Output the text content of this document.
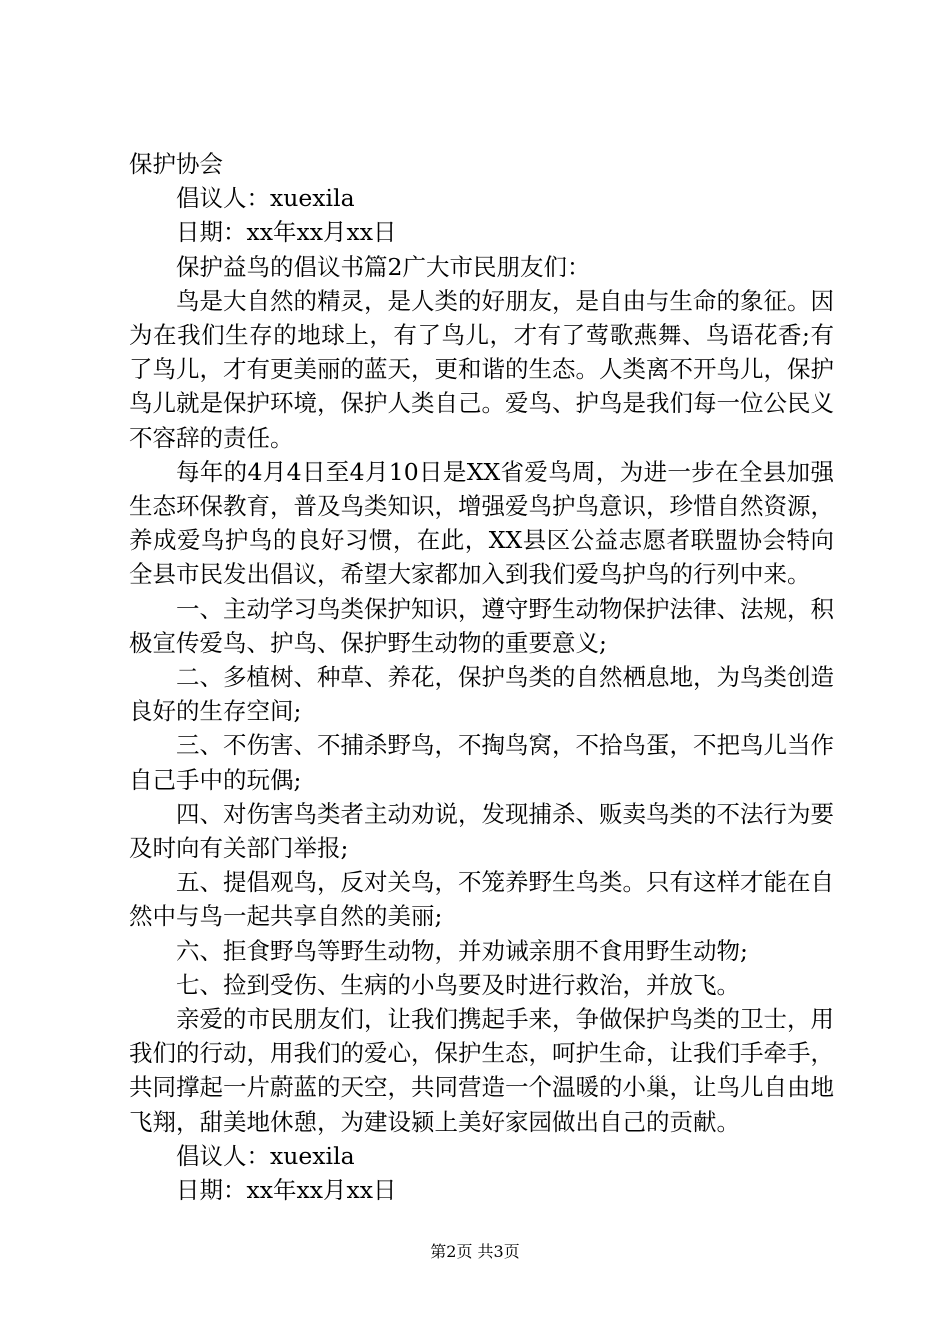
保护协会

倡议人：xuexila

日期：xx年xx月xx日

保护益鸟的倡议书篇2广大市民朋友们：

鸟是大自然的精灵，是人类的好朋友，是自由与生命的象征。因为在我们生存的地球上，有了鸟儿，才有了莺歌燕舞、鸟语花香;有了鸟儿，才有更美丽的蓝天，更和谐的生态。人类离不开鸟儿，保护鸟儿就是保护环境，保护人类自己。爱鸟、护鸟是我们每一位公民义不容辞的责任。

每年的4月4日至4月10日是XX省爱鸟周，为进一步在全县加强生态环保教育，普及鸟类知识，增强爱鸟护鸟意识，珍惜自然资源，养成爱鸟护鸟的良好习惯，在此，XX县区公益志愿者联盟协会特向全县市民发出倡议，希望大家都加入到我们爱鸟护鸟的行列中来。

一、主动学习鸟类保护知识，遵守野生动物保护法律、法规，积极宣传爱鸟、护鸟、保护野生动物的重要意义;

二、多植树、种草、养花，保护鸟类的自然栖息地，为鸟类创造良好的生存空间;

三、不伤害、不捕杀野鸟，不掏鸟窝，不拾鸟蛋，不把鸟儿当作自己手中的玩偶;

四、对伤害鸟类者主动劝说，发现捕杀、贩卖鸟类的不法行为要及时向有关部门举报;

五、提倡观鸟，反对关鸟，不笼养野生鸟类。只有这样才能在自然中与鸟一起共享自然的美丽;

六、拒食野鸟等野生动物，并劝诫亲朋不食用野生动物;

七、捡到受伤、生病的小鸟要及时进行救治，并放飞。

亲爱的市民朋友们，让我们携起手来，争做保护鸟类的卫士，用我们的行动，用我们的爱心，保护生态，呵护生命，让我们手牵手，共同撑起一片蔚蓝的天空，共同营造一个温暖的小巢，让鸟儿自由地飞翔，甜美地休憩，为建设颍上美好家园做出自己的贡献。

倡议人：xuexila

日期：xx年xx月xx日

第2页 共3页
